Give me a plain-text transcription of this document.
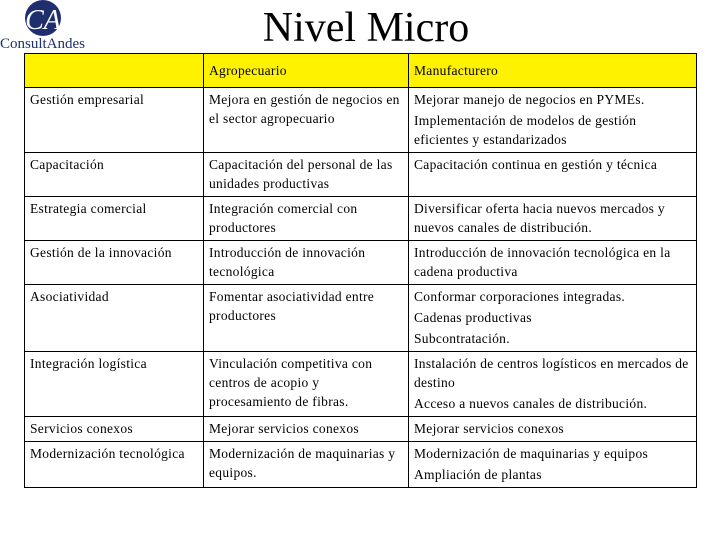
CA
ConsultAndes	Nivel Micro
	Agropecuario	Manufacturero
Gestión empresarial	Mejora en gestión de negocios en el sector agropecuario	Mejorar manejo de negocios en PYMEs.
Implementación de modelos de gestión eficientes y estandarizados

Capacitación	Capacitación del personal de las unidades productivas	Capacitación continua en gestión y técnica

Estrategia comercial	Integración comercial con productores	Diversificar oferta hacia nuevos mercados y nuevos canales de distribución.

Gestión de la innovación	Introducción de innovación tecnológica	Introducción de innovación tecnológica en la cadena productiva

Asociatividad	Fomentar asociatividad entre productores	Conformar corporaciones integradas.
Cadenas productivas
Subcontratación.

Integración logística	Vinculación competitiva con centros de acopio y procesamiento de fibras.	Instalación de centros logísticos en mercados de destino
Acceso a nuevos canales de distribución.

Servicios conexos	Mejorar servicios conexos	Mejorar servicios conexos

Modernización tecnológica	Modernización de maquinarias y equipos.	Modernización de maquinarias y equipos
Ampliación de plantas
